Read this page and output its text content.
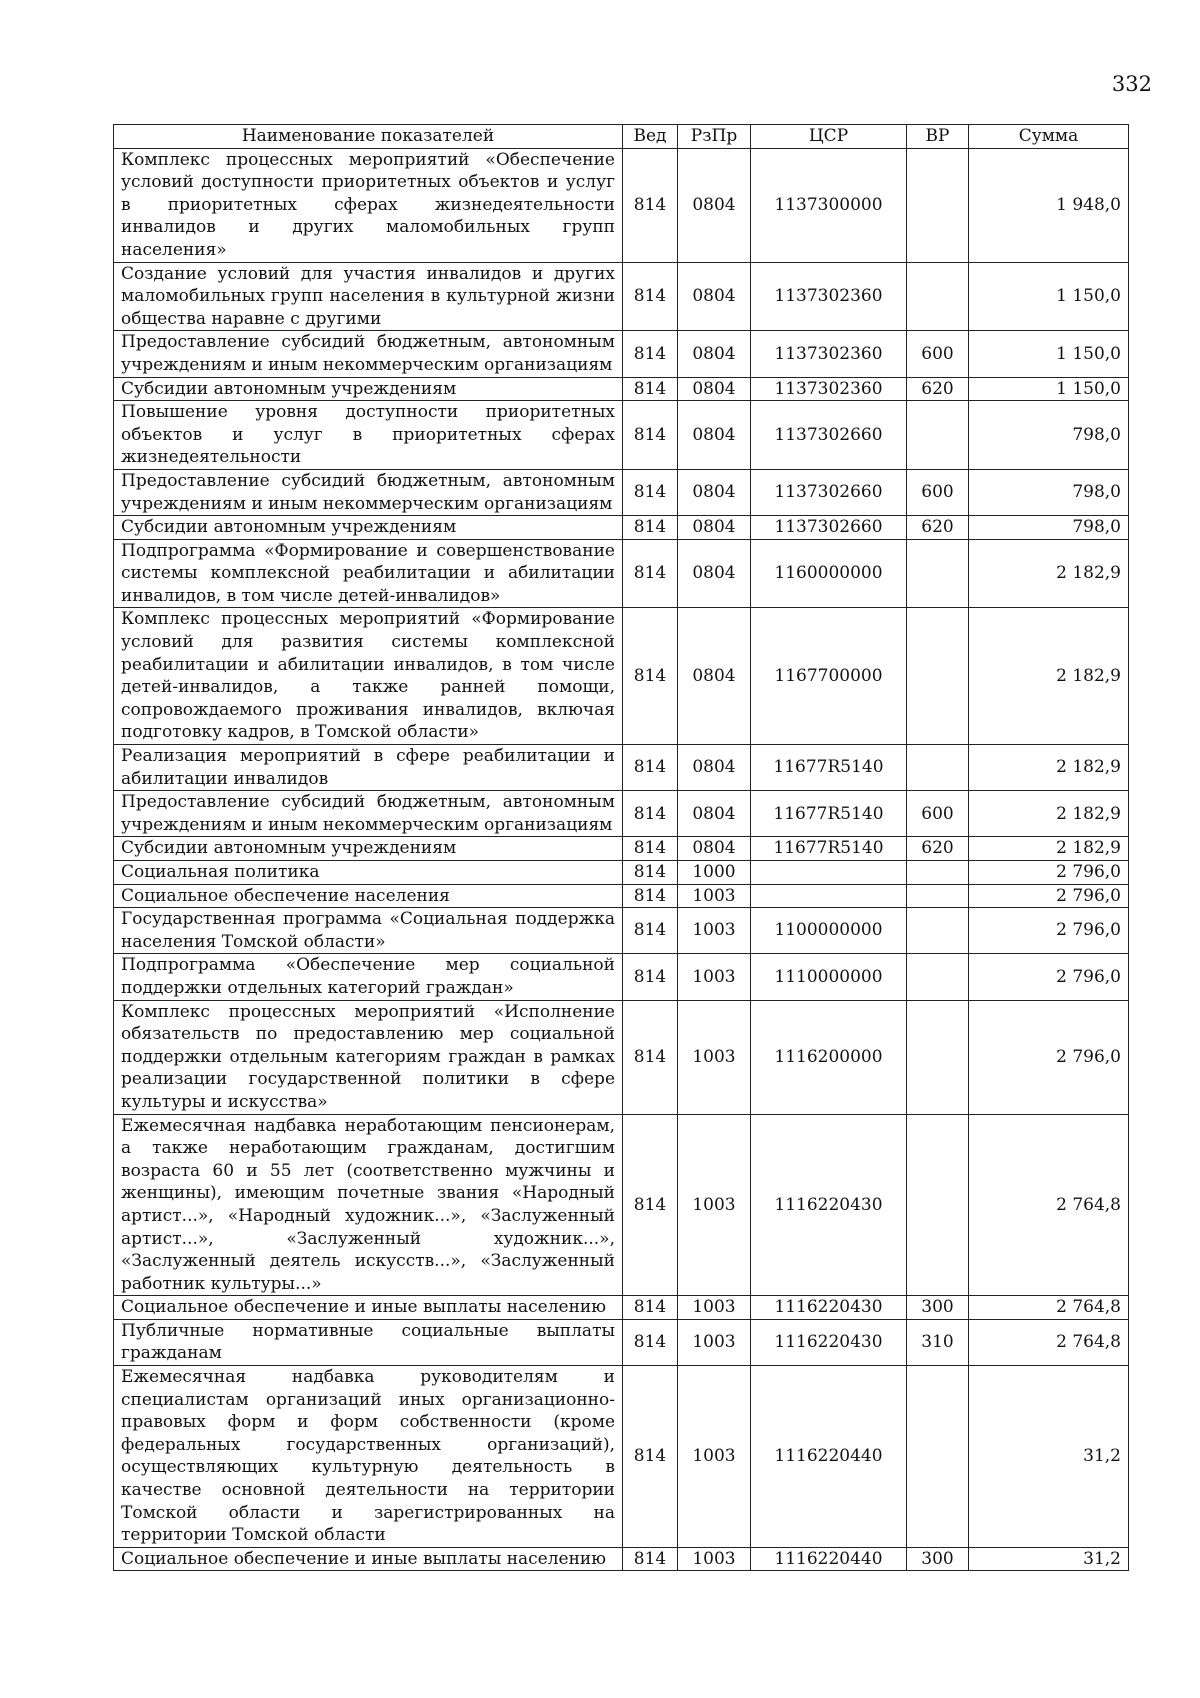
332
Наименование показателей	Вед	РзПр	ЦСР	ВР	Сумма
Комплекс процессных мероприятий «Обеспечение условий доступности приоритетных объектов и услуг в приоритетных сферах жизнедеятельности инвалидов и других маломобильных групп населения»	814	0804	1137300000		1 948,0
Создание условий для участия инвалидов и других маломобильных групп населения в культурной жизни общества наравне с другими	814	0804	1137302360		1 150,0
Предоставление субсидий бюджетным, автономным учреждениям и иным некоммерческим организациям	814	0804	1137302360	600	1 150,0
Субсидии автономным учреждениям	814	0804	1137302360	620	1 150,0
Повышение уровня доступности приоритетных объектов и услуг в приоритетных сферах жизнедеятельности	814	0804	1137302660		798,0
Предоставление субсидий бюджетным, автономным учреждениям и иным некоммерческим организациям	814	0804	1137302660	600	798,0
Субсидии автономным учреждениям	814	0804	1137302660	620	798,0
Подпрограмма «Формирование и совершенствование системы комплексной реабилитации и абилитации инвалидов, в том числе детей-инвалидов»	814	0804	1160000000		2 182,9
Комплекс процессных мероприятий «Формирование условий для развития системы комплексной реабилитации и абилитации инвалидов, в том числе детей-инвалидов, а также ранней помощи, сопровождаемого проживания инвалидов, включая подготовку кадров, в Томской области»	814	0804	1167700000		2 182,9
Реализация мероприятий в сфере реабилитации и абилитации инвалидов	814	0804	11677R5140		2 182,9
Предоставление субсидий бюджетным, автономным учреждениям и иным некоммерческим организациям	814	0804	11677R5140	600	2 182,9
Субсидии автономным учреждениям	814	0804	11677R5140	620	2 182,9
Социальная политика	814	1000			2 796,0
Социальное обеспечение населения	814	1003			2 796,0
Государственная программа «Социальная поддержка населения Томской области»	814	1003	1100000000		2 796,0
Подпрограмма «Обеспечение мер социальной поддержки отдельных категорий граждан»	814	1003	1110000000		2 796,0
Комплекс процессных мероприятий «Исполнение обязательств по предоставлению мер социальной поддержки отдельным категориям граждан в рамках реализации государственной политики в сфере культуры и искусства»	814	1003	1116200000		2 796,0
Ежемесячная надбавка неработающим пенсионерам, а также неработающим гражданам, достигшим возраста 60 и 55 лет (соответственно мужчины и женщины), имеющим почетные звания «Народный артист...», «Народный художник...», «Заслуженный артист...», «Заслуженный художник...», «Заслуженный деятель искусств...», «Заслуженный работник культуры...»	814	1003	1116220430		2 764,8
Социальное обеспечение и иные выплаты населению	814	1003	1116220430	300	2 764,8
Публичные нормативные социальные выплаты гражданам	814	1003	1116220430	310	2 764,8
Ежемесячная надбавка руководителям и специалистам организаций иных организационно-правовых форм и форм собственности (кроме федеральных государственных организаций), осуществляющих культурную деятельность в качестве основной деятельности на территории Томской области и зарегистрированных на территории Томской области	814	1003	1116220440		31,2
Социальное обеспечение и иные выплаты населению	814	1003	1116220440	300	31,2
